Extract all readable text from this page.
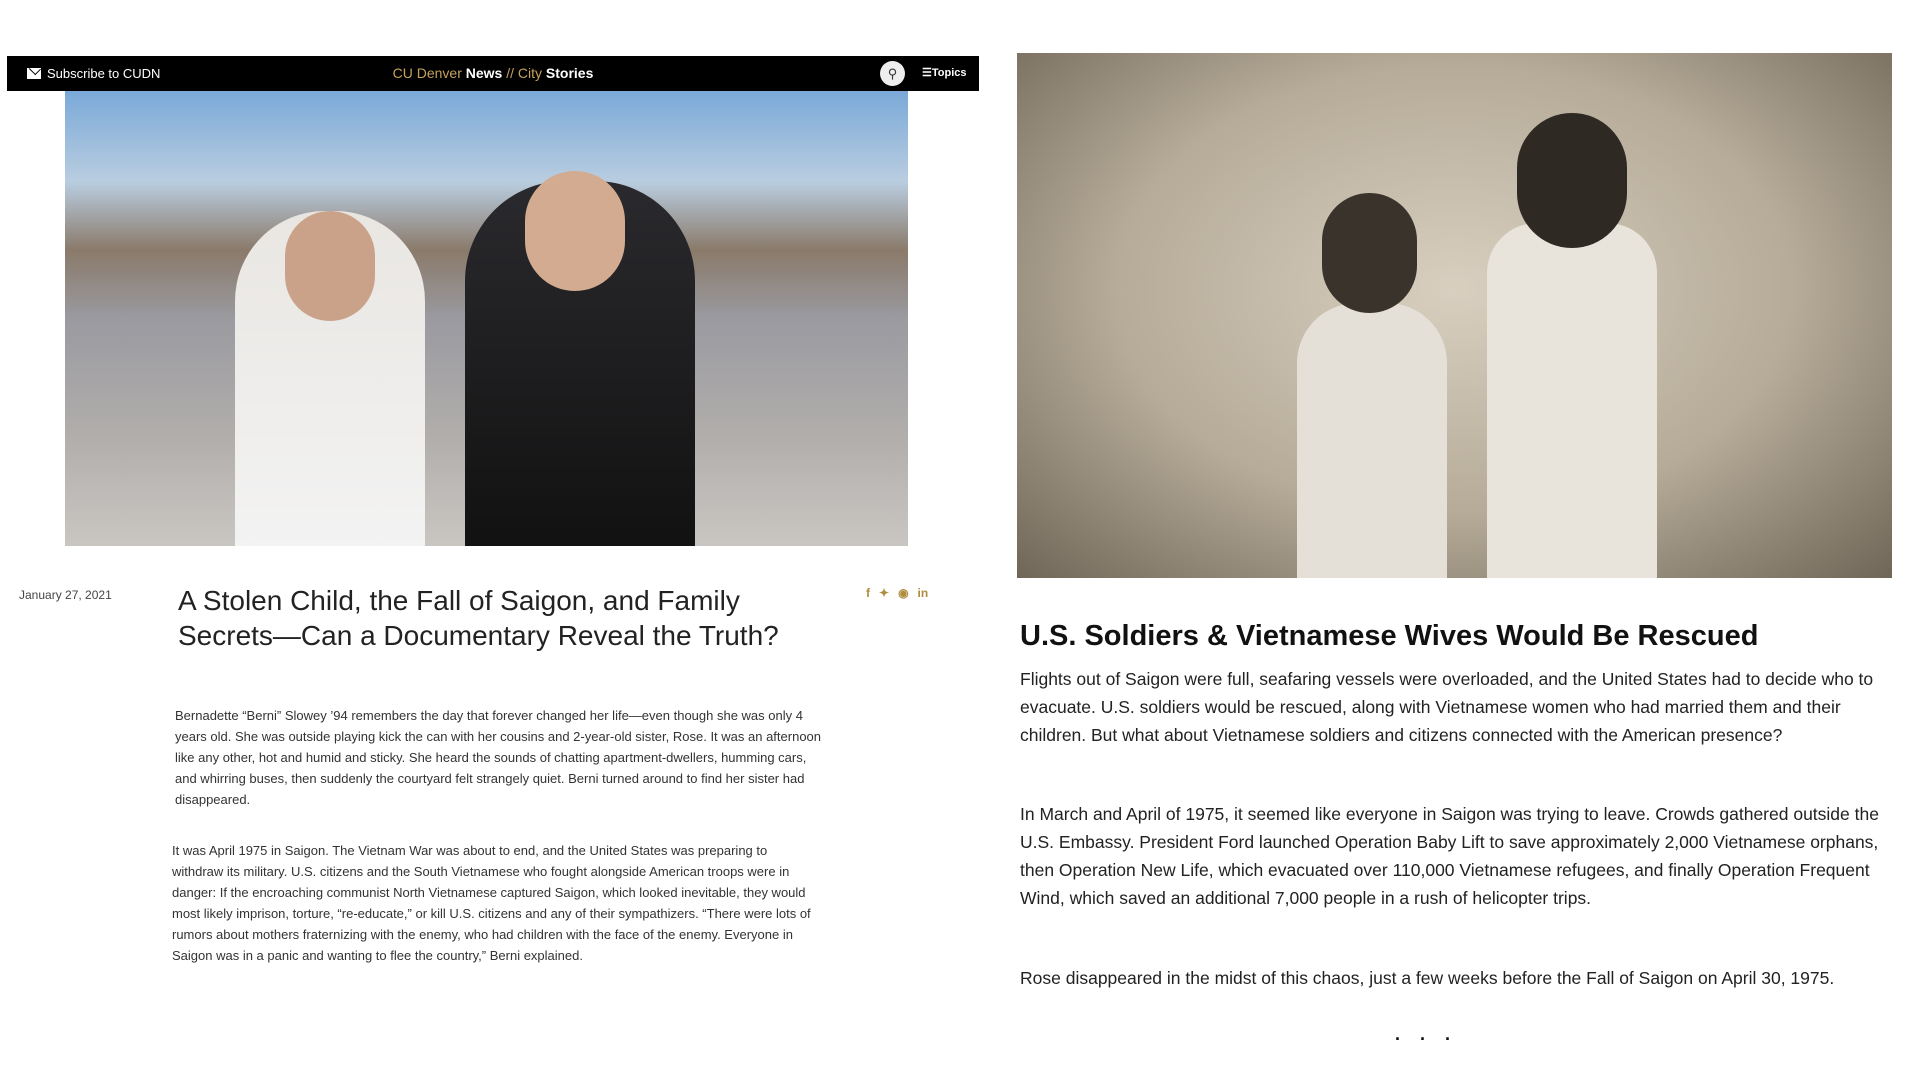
Subscribe to CUDN	CU Denver News // City Stories	⚲	☰Topics
January 27, 2021 A Stolen Child, the Fall of Saigon, and Family Secrets—Can a Documentary Reveal the Truth?
f ✦ ◉ in

Bernadette “Berni” Slowey ’94 remembers the day that forever changed her life—even though she was only 4 years old. She was outside playing kick the can with her cousins and 2-year-old sister, Rose. It was an afternoon like any other, hot and humid and sticky. She heard the sounds of chatting apartment-dwellers, humming cars, and whirring buses, then suddenly the courtyard felt strangely quiet. Berni turned around to find her sister had disappeared.

It was April 1975 in Saigon. The Vietnam War was about to end, and the United States was preparing to withdraw its military. U.S. citizens and the South Vietnamese who fought alongside American troops were in danger: If the encroaching communist North Vietnamese captured Saigon, which looked inevitable, they would most likely imprison, torture, “re-educate,” or kill U.S. citizens and any of their sympathizers. “There were lots of rumors about mothers fraternizing with the enemy, who had children with the face of the enemy. Everyone in Saigon was in a panic and wanting to flee the country,” Berni explained.

U.S. Soldiers & Vietnamese Wives Would Be Rescued

Flights out of Saigon were full, seafaring vessels were overloaded, and the United States had to decide who to evacuate. U.S. soldiers would be rescued, along with Vietnamese women who had married them and their children. But what about Vietnamese soldiers and citizens connected with the American presence?

In March and April of 1975, it seemed like everyone in Saigon was trying to leave. Crowds gathered outside the U.S. Embassy. President Ford launched Operation Baby Lift to save approximately 2,000 Vietnamese orphans, then Operation New Life, which evacuated over 110,000 Vietnamese refugees, and finally Operation Frequent Wind, which saved an additional 7,000 people in a rush of helicopter trips.

Rose disappeared in the midst of this chaos, just a few weeks before the Fall of Saigon on April 30, 1975.

...
